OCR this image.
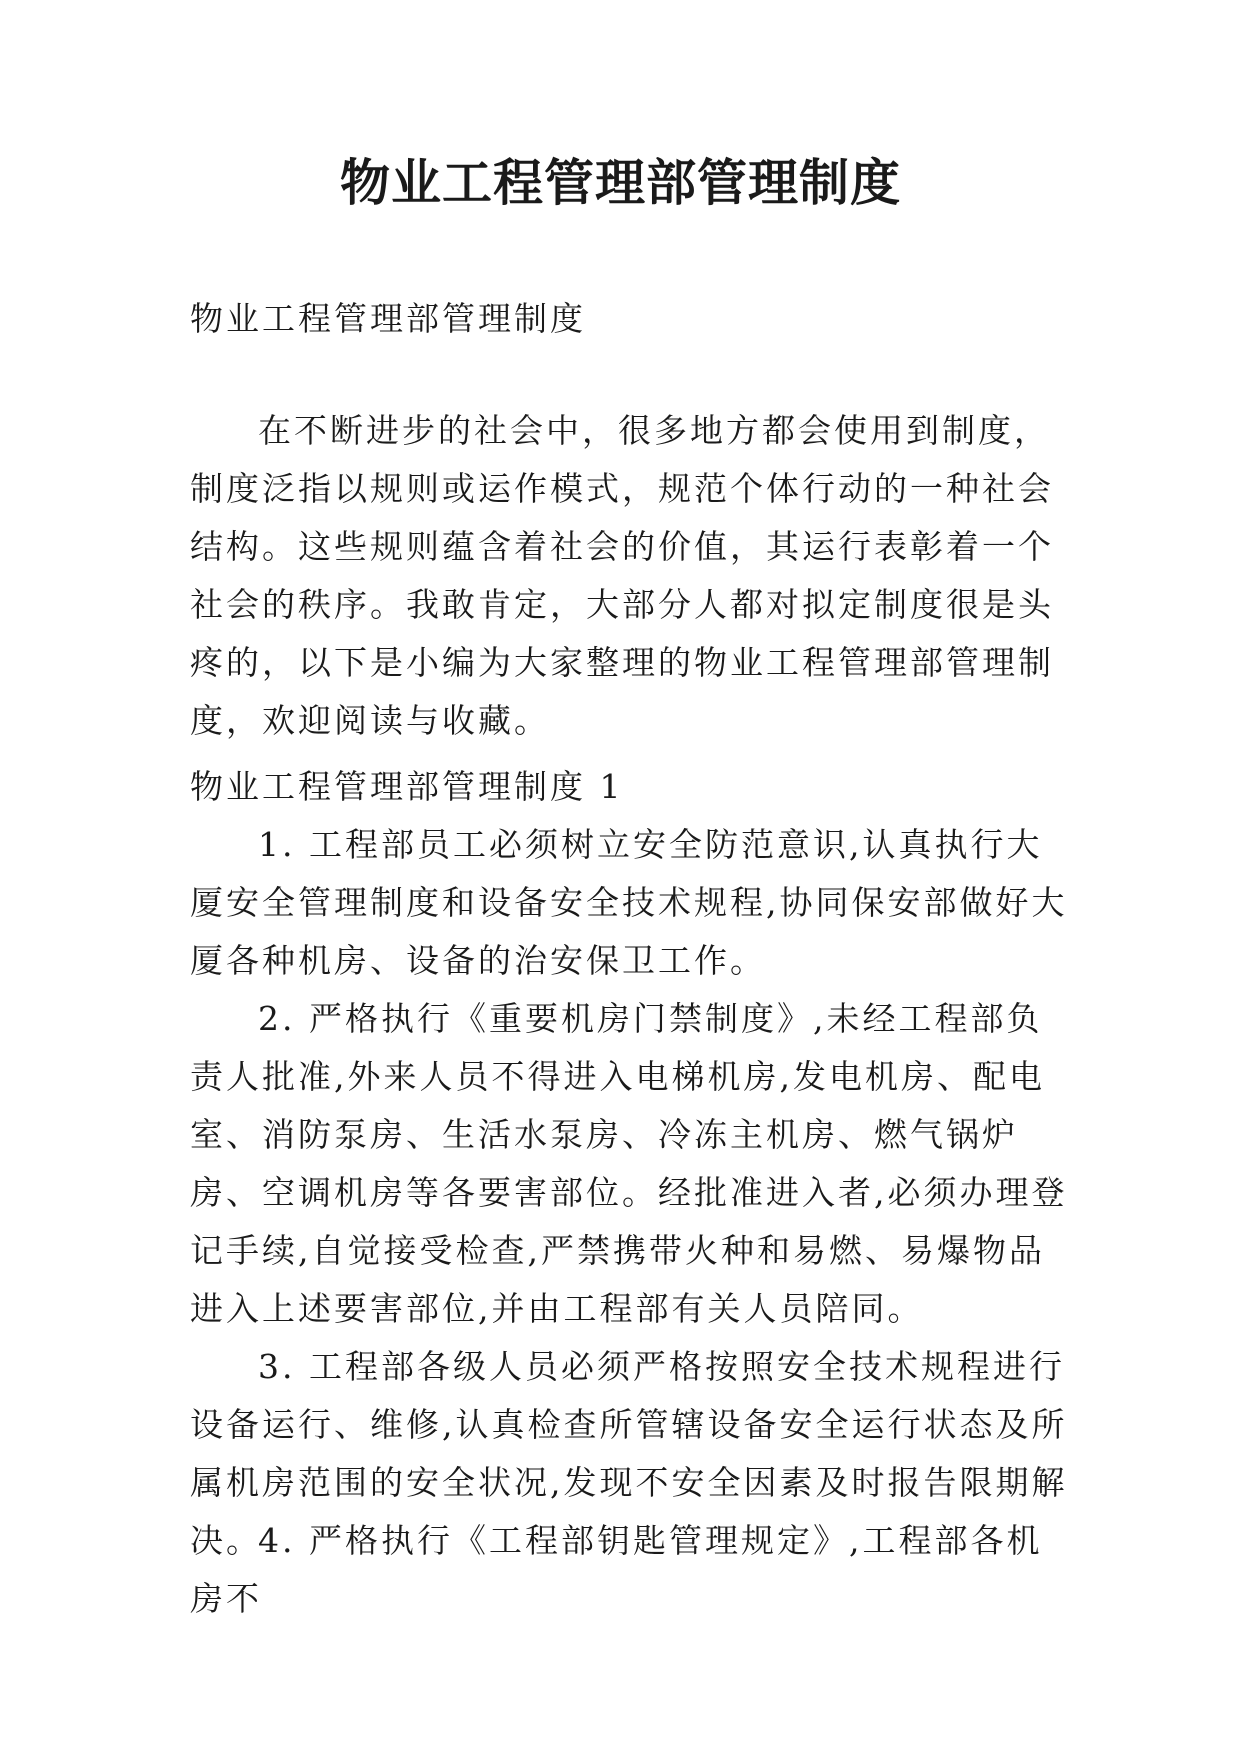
物业工程管理部管理制度

物业工程管理部管理制度

在不断进步的社会中，很多地方都会使用到制度，制度泛指以规则或运作模式，规范个体行动的一种社会结构。这些规则蕴含着社会的价值，其运行表彰着一个社会的秩序。我敢肯定，大部分人都对拟定制度很是头疼的，以下是小编为大家整理的物业工程管理部管理制度，欢迎阅读与收藏。

物业工程管理部管理制度 1

1. 工程部员工必须树立安全防范意识,认真执行大厦安全管理制度和设备安全技术规程,协同保安部做好大厦各种机房、设备的治安保卫工作。

2. 严格执行《重要机房门禁制度》,未经工程部负责人批准,外来人员不得进入电梯机房,发电机房、配电室、消防泵房、生活水泵房、冷冻主机房、燃气锅炉房、空调机房等各要害部位。经批准进入者,必须办理登记手续,自觉接受检查,严禁携带火种和易燃、易爆物品进入上述要害部位,并由工程部有关人员陪同。

3. 工程部各级人员必须严格按照安全技术规程进行设备运行、维修,认真检查所管辖设备安全运行状态及所属机房范围的安全状况,发现不安全因素及时报告限期解决。

4. 严格执行《工程部钥匙管理规定》,工程部各机房不
